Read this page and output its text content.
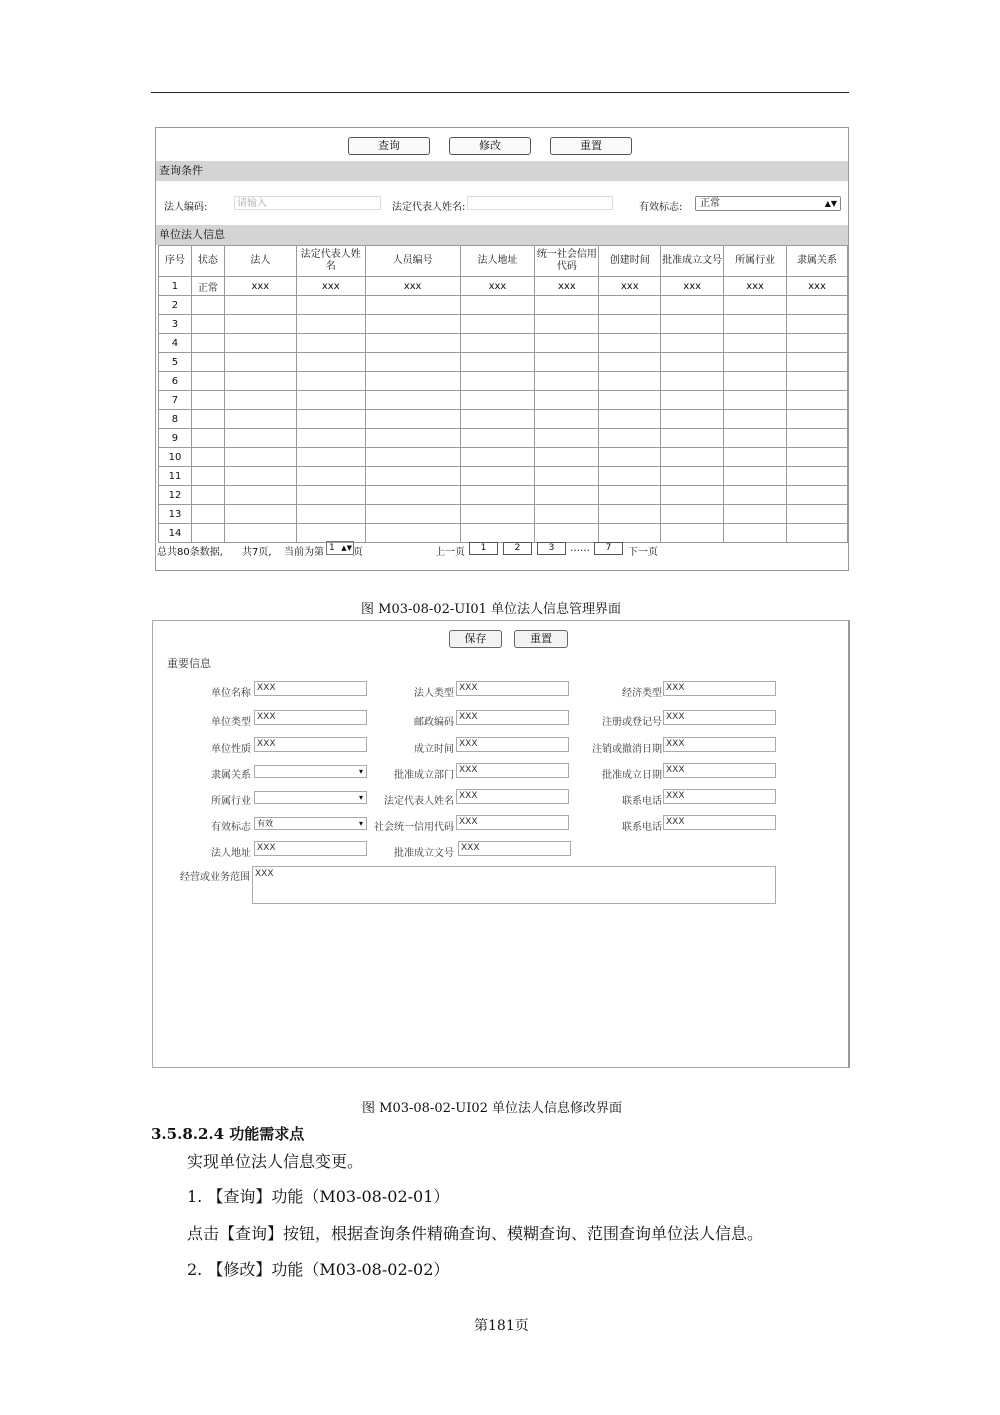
查询	修改	重置
查询条件
法人编码:	请输入	法定代表人姓名:	有效标志:	正常	▲▼
单位法人信息
序号	状态	法人	法定代表人姓名	人员编号	法人地址	统一社会信用代码	创建时间	批准成立文号	所属行业	隶属关系
1	正常	xxx	xxx	xxx	xxx	xxx	xxx	xxx	xxx	xxx
2										
3										
4										
5										
6										
7										
8										
9										
10										
11										
12										
13										
14										
总共80条数据, 共7页, 当前为第 1 ▲▼ 页	上一页	1	2	3	……	7	下一页
图 M03-08-02-UI01 单位法人信息管理界面
保存	重置
重要信息
单位名称 XXX	法人类型 XXX	经济类型 XXX
单位类型 XXX	邮政编码 XXX	注册或登记号 XXX
单位性质 XXX	成立时间 XXX	注销或撤消日期 XXX
隶属关系	▾	批准成立部门 XXX	批准成立日期 XXX
所属行业	▾	法定代表人姓名 XXX	联系电话 XXX
有效标志 有效	▾	社会统一信用代码 XXX	联系电话 XXX
法人地址 XXX	批准成立文号 XXX
经营或业务范围 XXX
图 M03-08-02-UI02 单位法人信息修改界面
3.5.8.2.4 功能需求点
实现单位法人信息变更。
1. 【查询】功能（M03-08-02-01）
点击【查询】按钮，根据查询条件精确查询、模糊查询、范围查询单位法人信息。
2. 【修改】功能（M03-08-02-02）
第181页
